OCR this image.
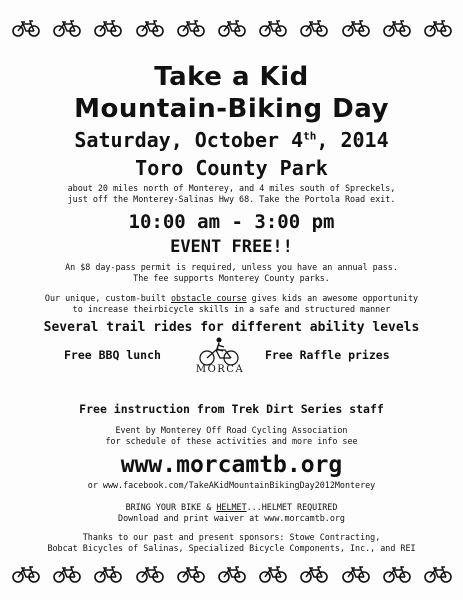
Take a Kid
Mountain-Biking Day
Saturday, October 4th, 2014
Toro County Park
about 20 miles north of Monterey, and 4 miles south of Spreckels,
just off the Monterey-Salinas Hwy 68. Take the Portola Road exit.
10:00 am - 3:00 pm
EVENT FREE!!
An $8 day-pass permit is required, unless you have an annual pass.
The fee supports Monterey County parks.
Our unique, custom-built obstacle course gives kids an awesome opportunity
to increase theirbicycle skills in a safe and structured manner
Several trail rides for different ability levels
Free BBQ lunch
MORCA
Free Raffle prizes
Free instruction from Trek Dirt Series staff
Event by Monterey Off Road Cycling Association
for schedule of these activities and more info see
www.morcamtb.org
or www.facebook.com/TakeAKidMountainBikingDay2012Monterey
BRING YOUR BIKE & HELMET...HELMET REQUIRED
Download and print waiver at www.morcamtb.org
Thanks to our past and present sponsors: Stowe Contracting,
Bobcat Bicycles of Salinas, Specialized Bicycle Components, Inc., and REI
